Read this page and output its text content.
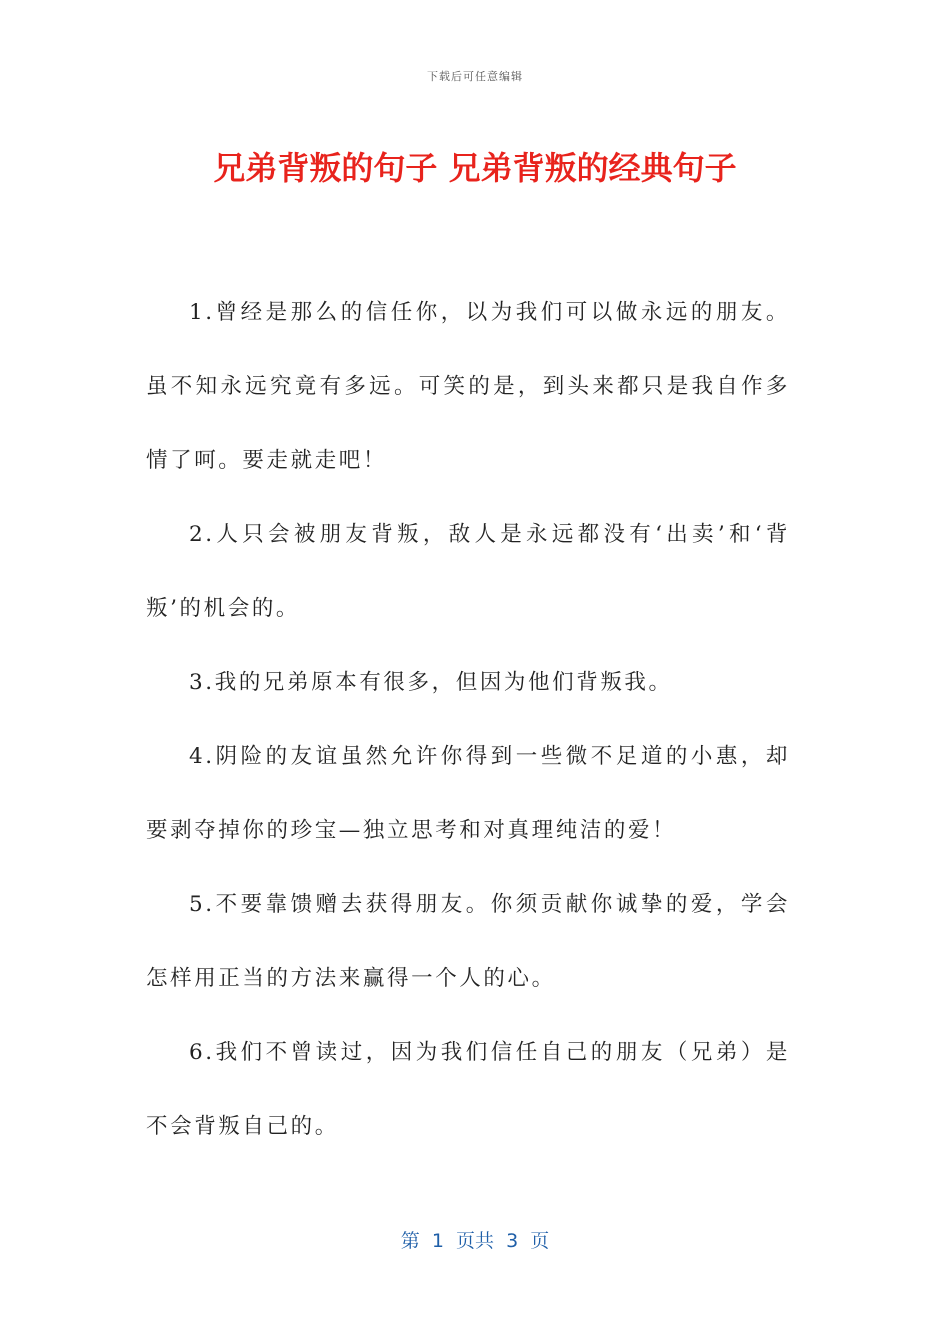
下载后可任意编辑
兄弟背叛的句子 兄弟背叛的经典句子

1.曾经是那么的信任你，以为我们可以做永远的朋友。虽不知永远究竟有多远。可笑的是，到头来都只是我自作多情了呵。要走就走吧！

2.人只会被朋友背叛，敌人是永远都没有‘出卖’和‘背叛’的机会的。

3.我的兄弟原本有很多，但因为他们背叛我。

4.阴险的友谊虽然允许你得到一些微不足道的小惠，却要剥夺掉你的珍宝—独立思考和对真理纯洁的爱！

5.不要靠馈赠去获得朋友。你须贡献你诚挚的爱，学会怎样用正当的方法来赢得一个人的心。

6.我们不曾读过，因为我们信任自己的朋友（兄弟）是不会背叛自己的。

第  1  页共  3  页
